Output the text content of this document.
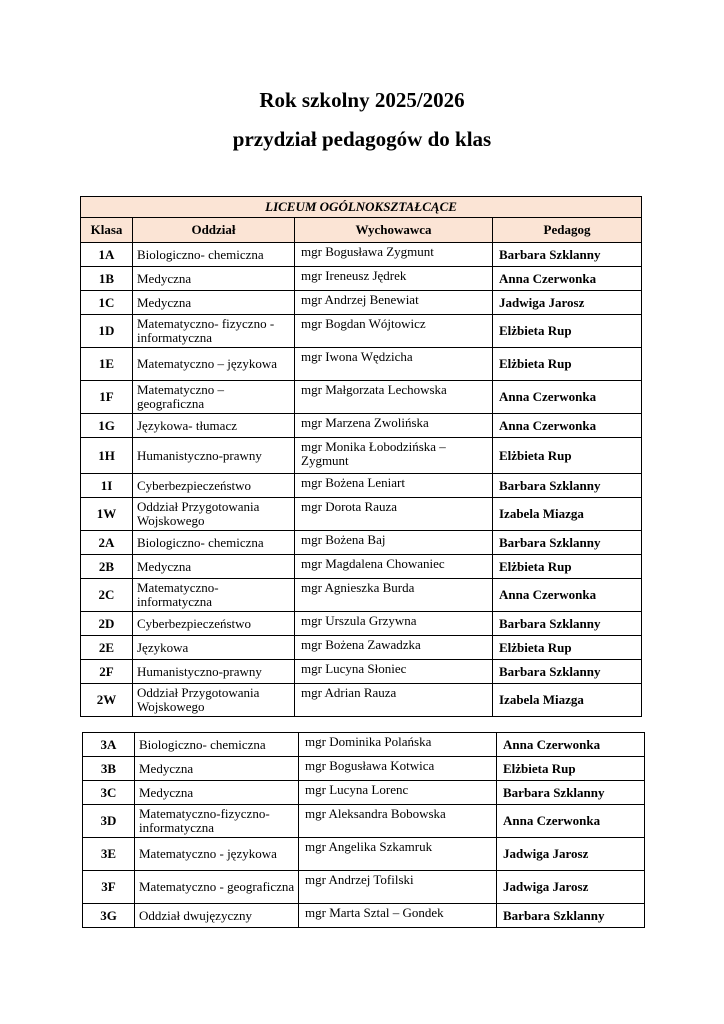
Rok szkolny 2025/2026
przydział pedagogów do klas
LICEUM OGÓLNOKSZTAŁCĄCE			
Klasa	Oddział	Wychowawca	Pedagog
1A	Biologiczno- chemiczna	mgr Bogusława Zygmunt	Barbara Szklanny
1B	Medyczna	mgr Ireneusz Jędrek	Anna Czerwonka
1C	Medyczna	mgr Andrzej Benewiat	Jadwiga Jarosz
1D	Matematyczno- fizyczno -informatyczna	mgr Bogdan Wójtowicz	Elżbieta Rup
1E	Matematyczno – językowa	mgr Iwona Wędzicha	Elżbieta Rup
1F	Matematyczno – geograficzna	mgr Małgorzata Lechowska	Anna Czerwonka
1G	Językowa- tłumacz	mgr Marzena Zwolińska	Anna Czerwonka
1H	Humanistyczno-prawny	mgr Monika Łobodzińska – Zygmunt	Elżbieta Rup
1I	Cyberbezpieczeństwo	mgr Bożena Leniart	Barbara Szklanny
1W	Oddział Przygotowania Wojskowego	mgr Dorota Rauza	Izabela Miazga
2A	Biologiczno- chemiczna	mgr Bożena Baj	Barbara Szklanny
2B	Medyczna	mgr Magdalena Chowaniec	Elżbieta Rup
2C	Matematyczno- informatyczna	mgr Agnieszka Burda	Anna Czerwonka
2D	Cyberbezpieczeństwo	mgr Urszula Grzywna	Barbara Szklanny
2E	Językowa	mgr Bożena Zawadzka	Elżbieta Rup
2F	Humanistyczno-prawny	mgr Lucyna Słoniec	Barbara Szklanny
2W	Oddział Przygotowania Wojskowego	mgr Adrian Rauza	Izabela Miazga
3A	Biologiczno- chemiczna	mgr Dominika Polańska	Anna Czerwonka
3B	Medyczna	mgr Bogusława Kotwica	Elżbieta Rup
3C	Medyczna	mgr Lucyna Lorenc	Barbara Szklanny
3D	Matematyczno-fizyczno- informatyczna	mgr Aleksandra Bobowska	Anna Czerwonka
3E	Matematyczno - językowa	mgr Angelika Szkamruk	Jadwiga Jarosz
3F	Matematyczno - geograficzna	mgr Andrzej Tofilski	Jadwiga Jarosz
3G	Oddział dwujęzyczny	mgr Marta Sztal – Gondek	Barbara Szklanny
